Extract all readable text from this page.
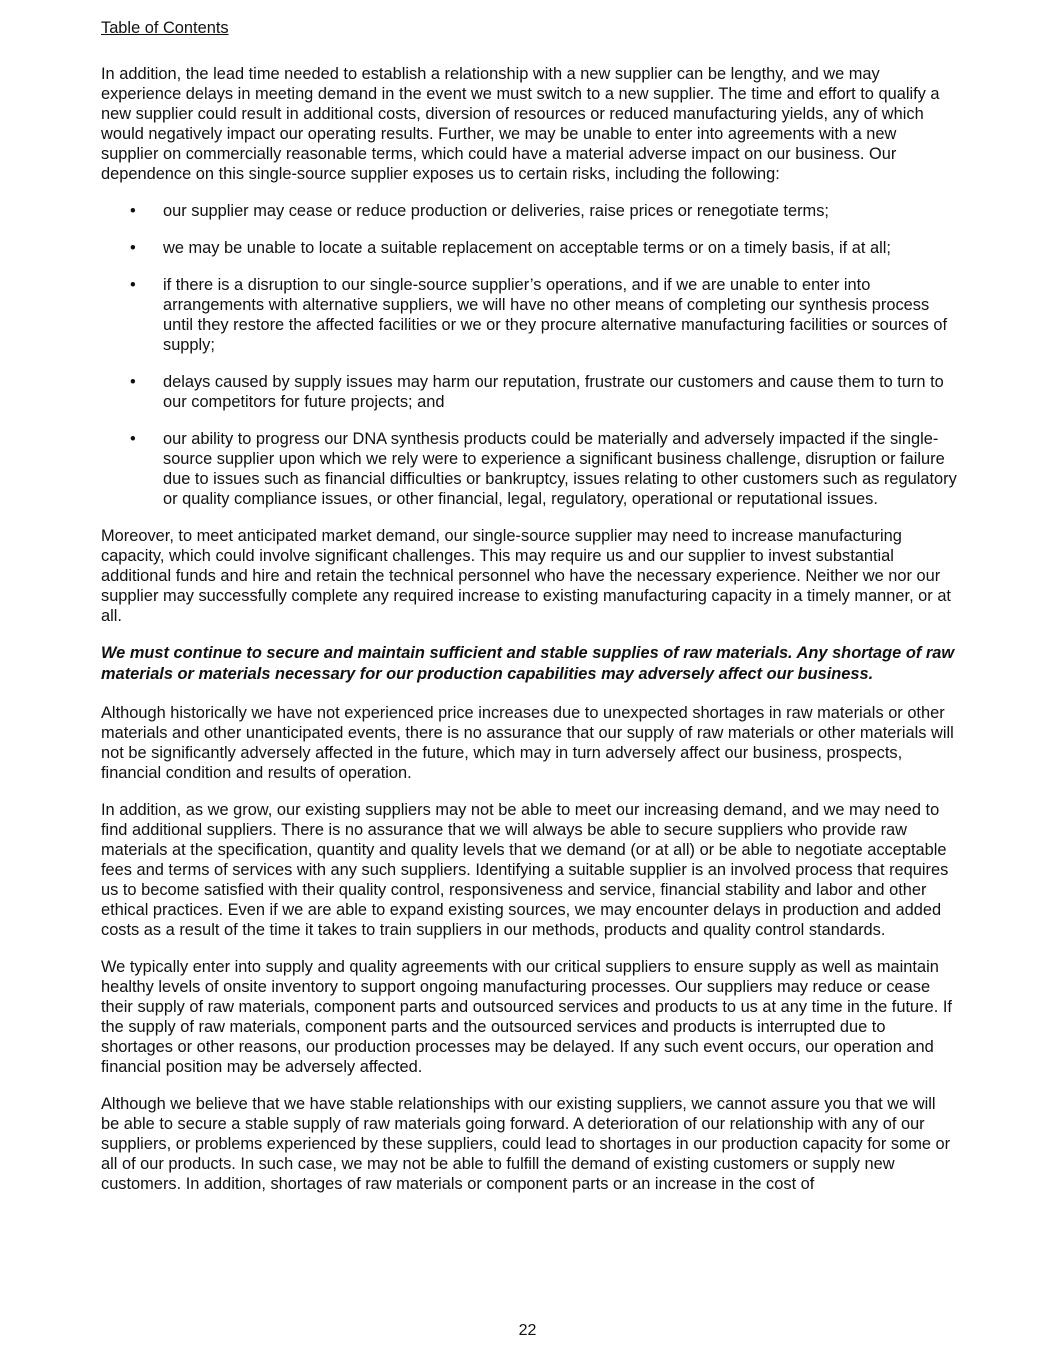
Table of Contents

In addition, the lead time needed to establish a relationship with a new supplier can be lengthy, and we may experience delays in meeting demand in the event we must switch to a new supplier. The time and effort to qualify a new supplier could result in additional costs, diversion of resources or reduced manufacturing yields, any of which would negatively impact our operating results. Further, we may be unable to enter into agreements with a new supplier on commercially reasonable terms, which could have a material adverse impact on our business. Our dependence on this single-source supplier exposes us to certain risks, including the following:

• our supplier may cease or reduce production or deliveries, raise prices or renegotiate terms;
• we may be unable to locate a suitable replacement on acceptable terms or on a timely basis, if at all;
• if there is a disruption to our single-source supplier’s operations, and if we are unable to enter into arrangements with alternative suppliers, we will have no other means of completing our synthesis process until they restore the affected facilities or we or they procure alternative manufacturing facilities or sources of supply;
• delays caused by supply issues may harm our reputation, frustrate our customers and cause them to turn to our competitors for future projects; and
• our ability to progress our DNA synthesis products could be materially and adversely impacted if the single-source supplier upon which we rely were to experience a significant business challenge, disruption or failure due to issues such as financial difficulties or bankruptcy, issues relating to other customers such as regulatory or quality compliance issues, or other financial, legal, regulatory, operational or reputational issues.

Moreover, to meet anticipated market demand, our single-source supplier may need to increase manufacturing capacity, which could involve significant challenges. This may require us and our supplier to invest substantial additional funds and hire and retain the technical personnel who have the necessary experience. Neither we nor our supplier may successfully complete any required increase to existing manufacturing capacity in a timely manner, or at all.

We must continue to secure and maintain sufficient and stable supplies of raw materials. Any shortage of raw materials or materials necessary for our production capabilities may adversely affect our business.

Although historically we have not experienced price increases due to unexpected shortages in raw materials or other materials and other unanticipated events, there is no assurance that our supply of raw materials or other materials will not be significantly adversely affected in the future, which may in turn adversely affect our business, prospects, financial condition and results of operation.

In addition, as we grow, our existing suppliers may not be able to meet our increasing demand, and we may need to find additional suppliers. There is no assurance that we will always be able to secure suppliers who provide raw materials at the specification, quantity and quality levels that we demand (or at all) or be able to negotiate acceptable fees and terms of services with any such suppliers. Identifying a suitable supplier is an involved process that requires us to become satisfied with their quality control, responsiveness and service, financial stability and labor and other ethical practices. Even if we are able to expand existing sources, we may encounter delays in production and added costs as a result of the time it takes to train suppliers in our methods, products and quality control standards.

We typically enter into supply and quality agreements with our critical suppliers to ensure supply as well as maintain healthy levels of onsite inventory to support ongoing manufacturing processes. Our suppliers may reduce or cease their supply of raw materials, component parts and outsourced services and products to us at any time in the future. If the supply of raw materials, component parts and the outsourced services and products is interrupted due to shortages or other reasons, our production processes may be delayed. If any such event occurs, our operation and financial position may be adversely affected.

Although we believe that we have stable relationships with our existing suppliers, we cannot assure you that we will be able to secure a stable supply of raw materials going forward. A deterioration of our relationship with any of our suppliers, or problems experienced by these suppliers, could lead to shortages in our production capacity for some or all of our products. In such case, we may not be able to fulfill the demand of existing customers or supply new customers. In addition, shortages of raw materials or component parts or an increase in the cost of

22
